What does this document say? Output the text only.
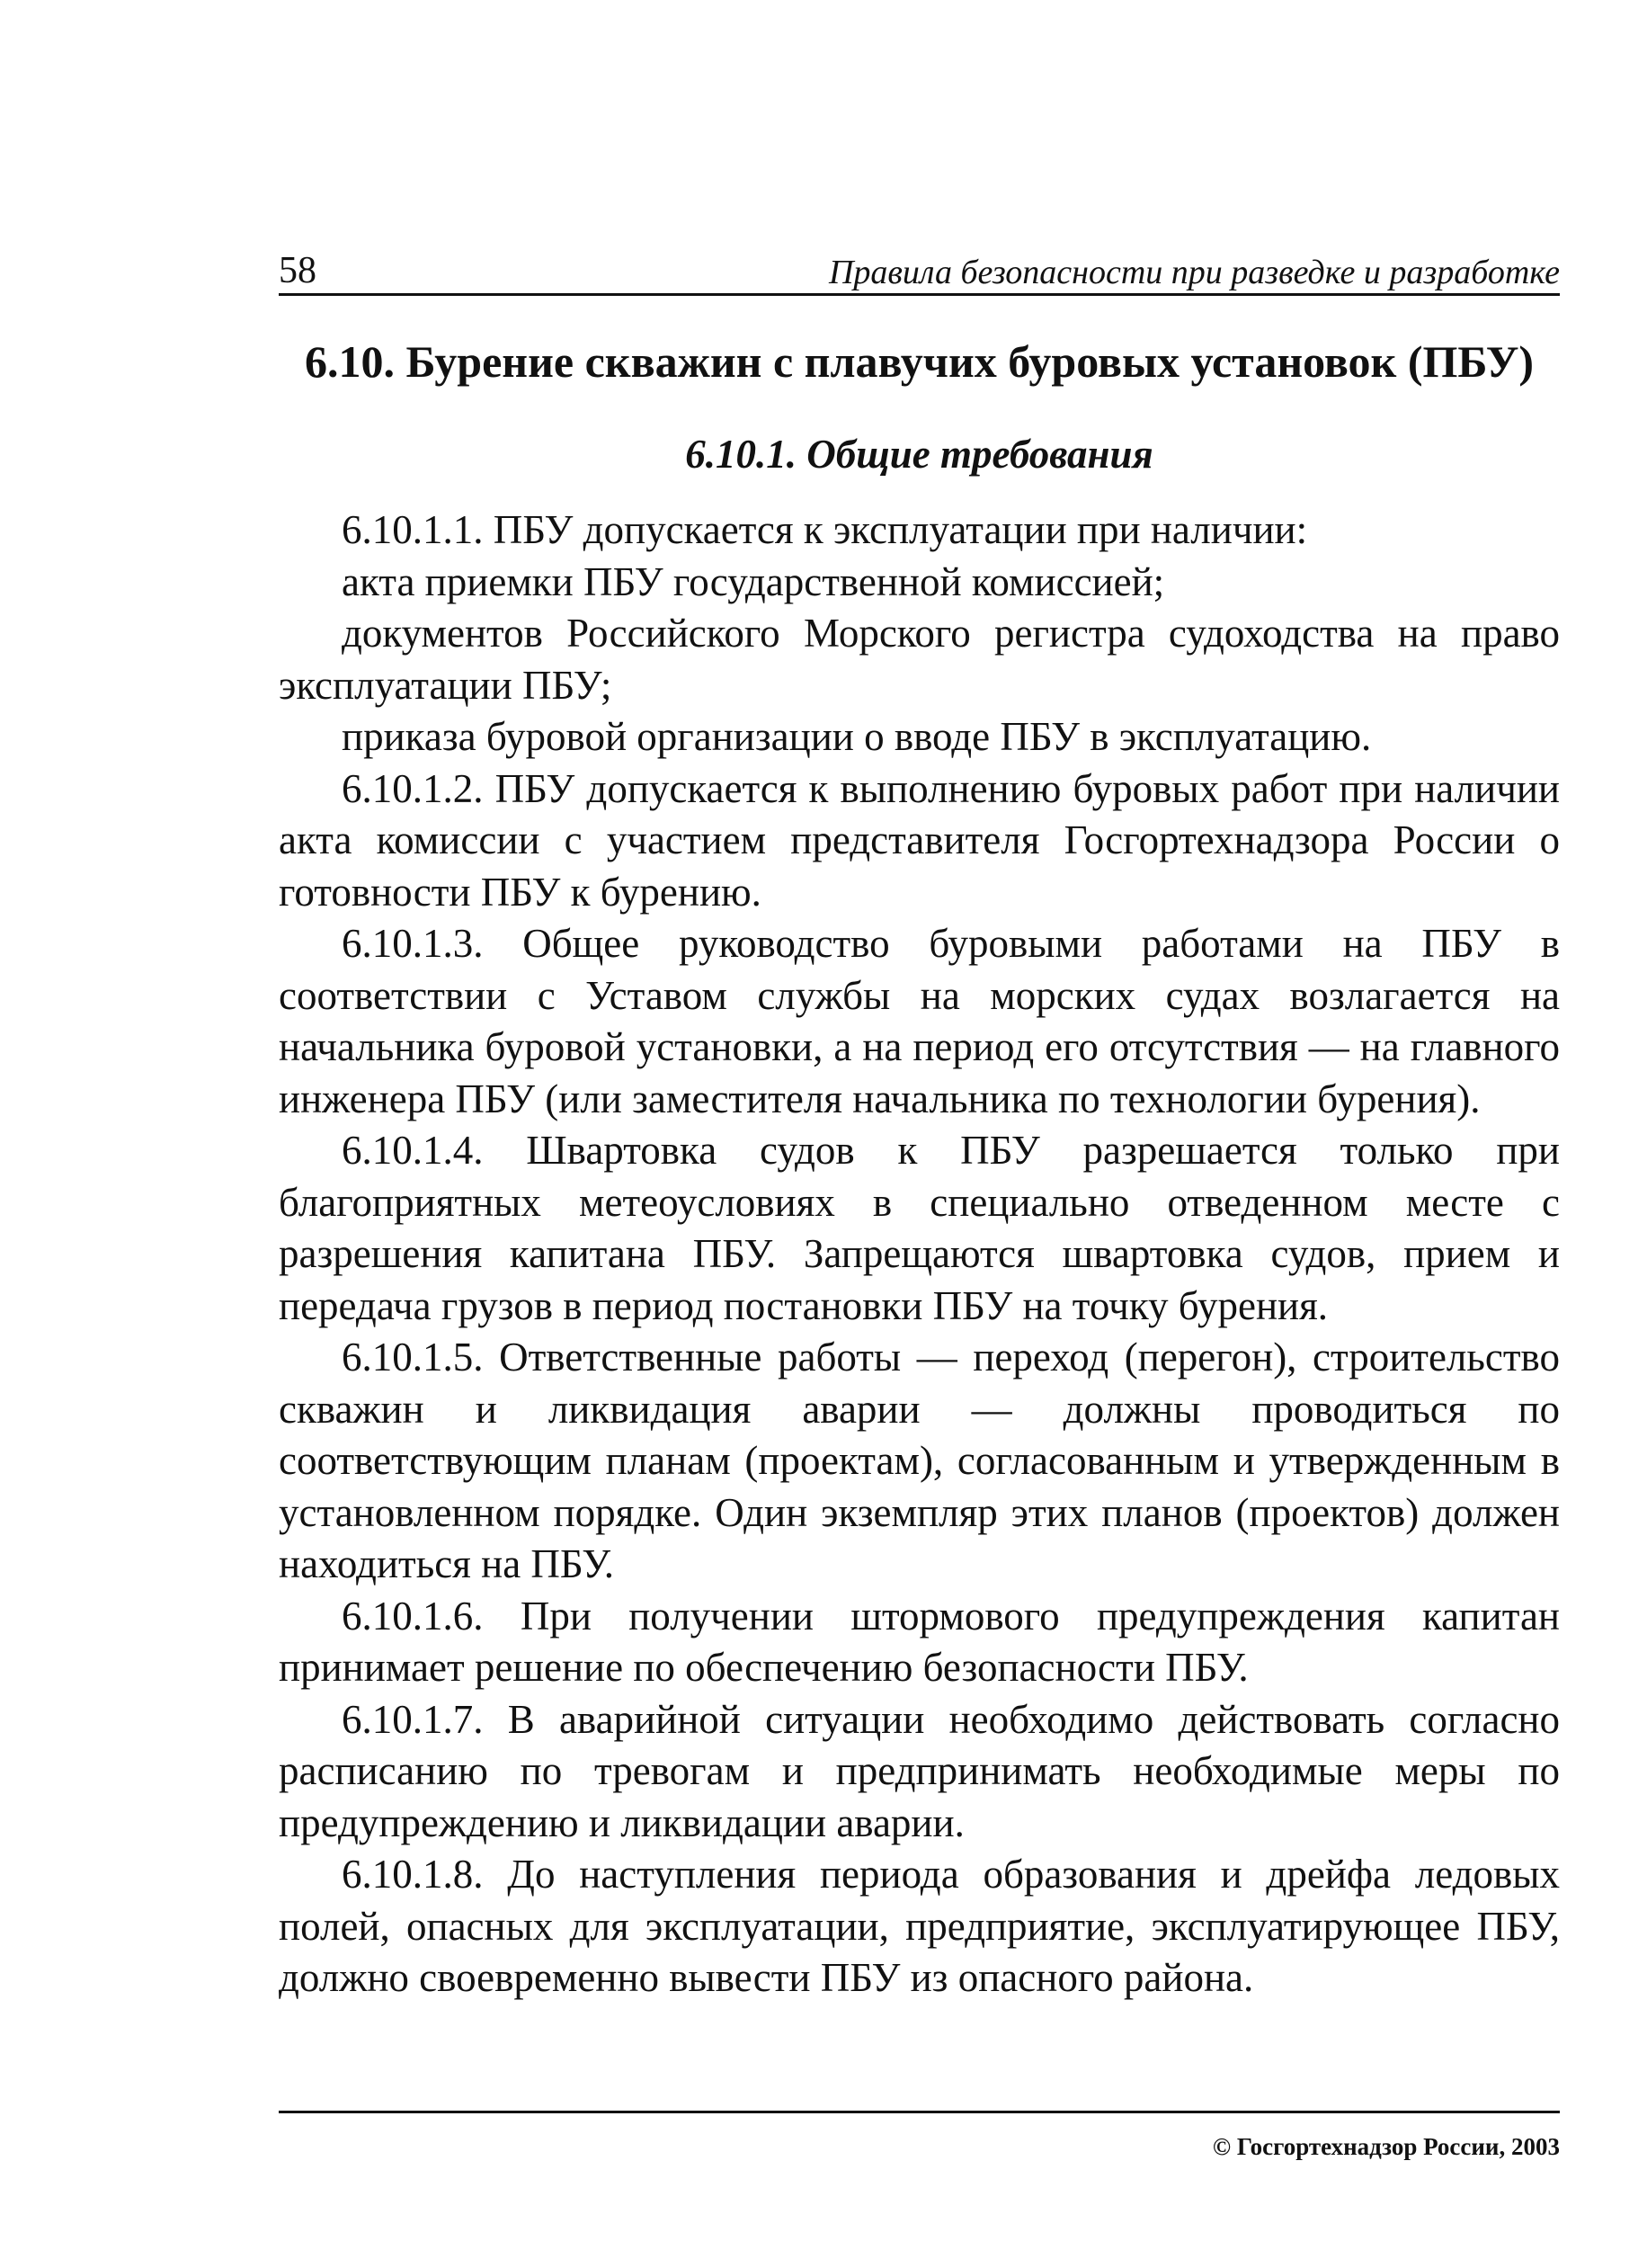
58	Правила безопасности при разведке и разработке
6.10. Бурение скважин с плавучих буровых установок (ПБУ)
6.10.1. Общие требования

6.10.1.1. ПБУ допускается к эксплуатации при наличии:

акта приемки ПБУ государственной комиссией;

документов Российского Морского регистра судоходства на право эксплуатации ПБУ;

приказа буровой организации о вводе ПБУ в эксплуатацию.

6.10.1.2. ПБУ допускается к выполнению буровых работ при наличии акта комиссии с участием представителя Госгортехнадзора России о готовности ПБУ к бурению.

6.10.1.3. Общее руководство буровыми работами на ПБУ в соответствии с Уставом службы на морских судах возлагается на начальника буровой установки, а на период его отсутствия — на главного инженера ПБУ (или заместителя начальника по технологии бурения).

6.10.1.4. Швартовка судов к ПБУ разрешается только при благоприятных метеоусловиях в специально отведенном месте с разрешения капитана ПБУ. Запрещаются швартовка судов, прием и передача грузов в период постановки ПБУ на точку бурения.

6.10.1.5. Ответственные работы — переход (перегон), строительство скважин и ликвидация аварии — должны проводиться по соответствующим планам (проектам), согласованным и утвержденным в установленном порядке. Один экземпляр этих планов (проектов) должен находиться на ПБУ.

6.10.1.6. При получении штормового предупреждения капитан принимает решение по обеспечению безопасности ПБУ.

6.10.1.7. В аварийной ситуации необходимо действовать согласно расписанию по тревогам и предпринимать необходимые меры по предупреждению и ликвидации аварии.

6.10.1.8. До наступления периода образования и дрейфа ледовых полей, опасных для эксплуатации, предприятие, эксплуатирующее ПБУ, должно своевременно вывести ПБУ из опасного района.

© Госгортехнадзор России, 2003
